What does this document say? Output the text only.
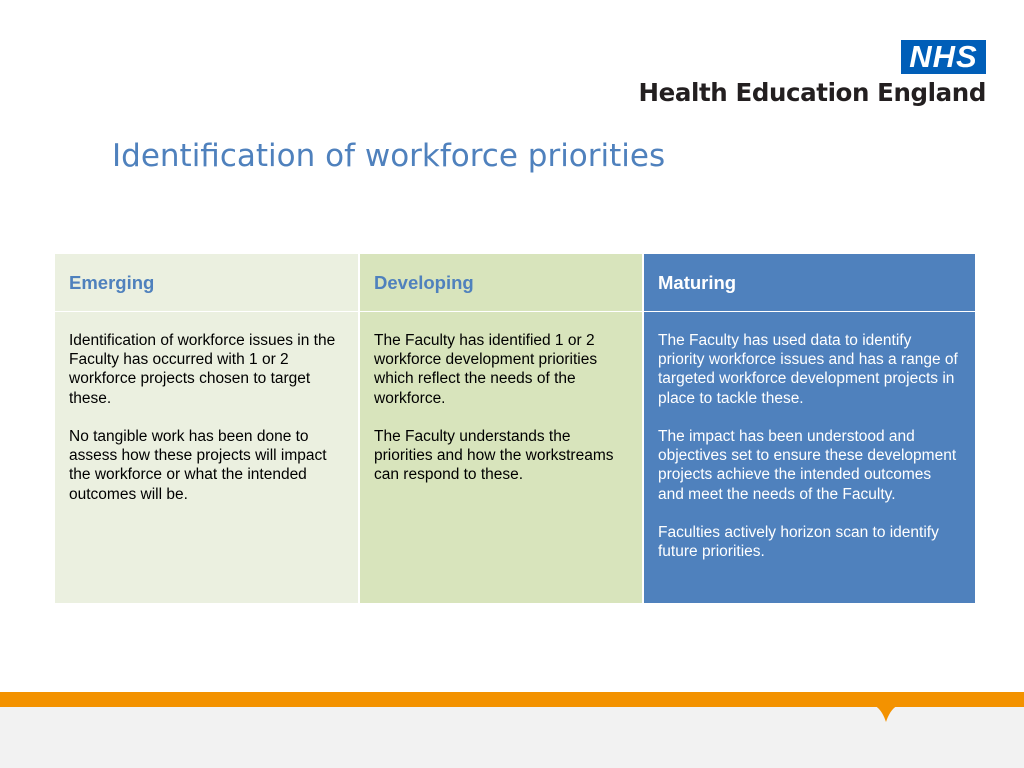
NHS
Health Education England
Identification of workforce priorities
Emerging

Identification of workforce issues in the Faculty has occurred with 1 or 2 workforce projects chosen to target these.

No tangible work has been done to assess how these projects will impact the workforce or what the intended outcomes will be.

Developing

The Faculty has identified 1 or 2 workforce development priorities which reflect the needs of the workforce.

The Faculty understands the priorities and how the workstreams can respond to these.

Maturing

The Faculty has used data to identify priority workforce issues and has a range of targeted workforce development projects in place to tackle these.

The impact has been understood and objectives set to ensure these development projects achieve the intended outcomes and meet the needs of the Faculty.

Faculties actively horizon scan to identify future priorities.
